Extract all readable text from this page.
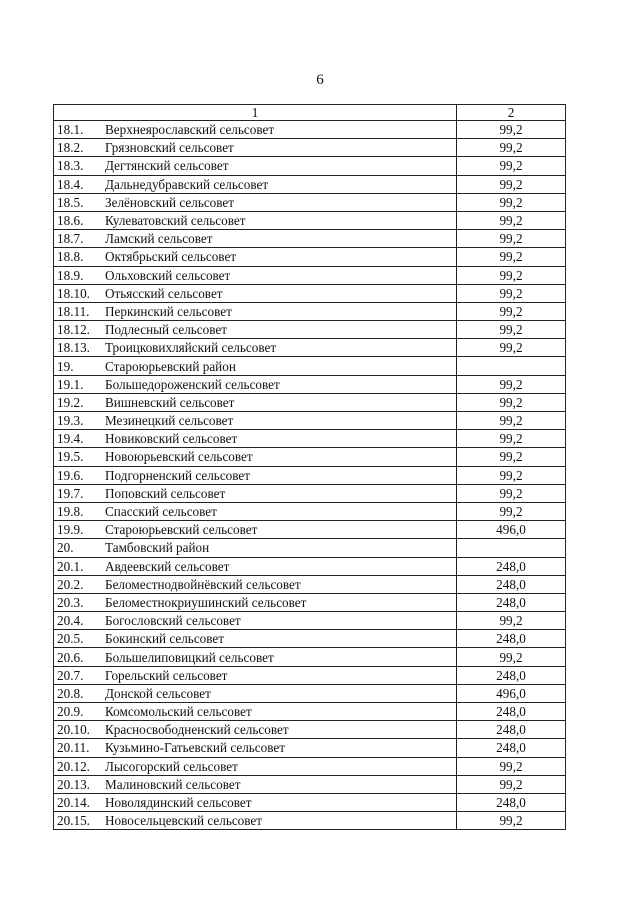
6
1	2
18.1. Верхнеярославский сельсовет	99,2
18.2. Грязновский сельсовет	99,2
18.3. Дегтянский сельсовет	99,2
18.4. Дальнедубравский сельсовет	99,2
18.5. Зелёновский сельсовет	99,2
18.6. Кулеватовский сельсовет	99,2
18.7. Ламский сельсовет	99,2
18.8. Октябрьский сельсовет	99,2
18.9. Ольховский сельсовет	99,2
18.10. Отьясский сельсовет	99,2
18.11. Перкинский сельсовет	99,2
18.12. Подлесный сельсовет	99,2
18.13. Троицковихляйский сельсовет	99,2
19. Староюрьевский район	
19.1. Большедороженский сельсовет	99,2
19.2. Вишневский сельсовет	99,2
19.3. Мезинецкий сельсовет	99,2
19.4. Новиковский сельсовет	99,2
19.5. Новоюрьевский сельсовет	99,2
19.6. Подгорненский сельсовет	99,2
19.7. Поповский сельсовет	99,2
19.8. Спасский сельсовет	99,2
19.9. Староюрьевский сельсовет	496,0
20. Тамбовский район	
20.1. Авдеевский сельсовет	248,0
20.2. Беломестнодвойнёвский сельсовет	248,0
20.3. Беломестнокриушинский сельсовет	248,0
20.4. Богословский сельсовет	99,2
20.5. Бокинский сельсовет	248,0
20.6. Большелиповицкий сельсовет	99,2
20.7. Горельский сельсовет	248,0
20.8. Донской сельсовет	496,0
20.9. Комсомольский сельсовет	248,0
20.10. Красносвободненский сельсовет	248,0
20.11. Кузьмино-Гатьевский сельсовет	248,0
20.12. Лысогорский сельсовет	99,2
20.13. Малиновский сельсовет	99,2
20.14. Новолядинский сельсовет	248,0
20.15. Новосельцевский сельсовет	99,2
